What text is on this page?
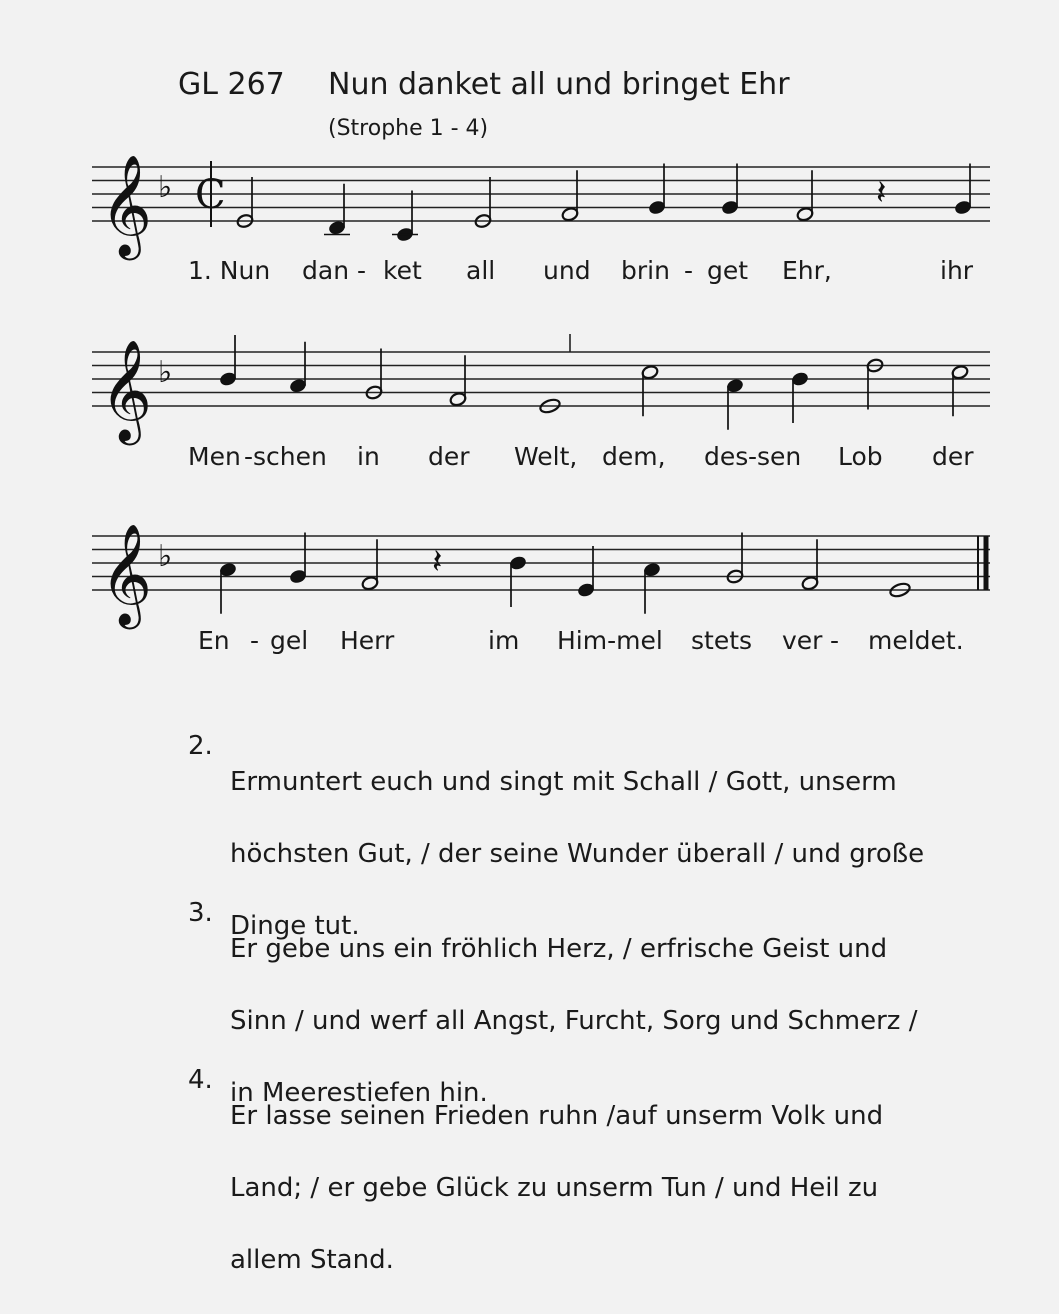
GL 267 Nun danket all und bringet Ehr
(Strophe 1 - 4)
𝄞 ♭ C	𝄽
𝄞 ♭
𝄞 ♭	𝄽
1. Nun dan - ket all und brin - get Ehr,	ihr
Men -schen in der Welt, dem, des -sen Lob der
En - gel Herr	im Him-mel stets ver - meldet.
2.

Ermuntert euch und singt mit Schall / Gott, unserm

höchsten Gut, / der seine Wunder überall / und große

Dinge tut.

3.

Er gebe uns ein fröhlich Herz, / erfrische Geist und

Sinn / und werf all Angst, Furcht, Sorg und Schmerz /

in Meerestiefen hin.

4.

Er lasse seinen Frieden ruhn /auf unserm Volk und

Land; / er gebe Glück zu unserm Tun / und Heil zu

allem Stand.
